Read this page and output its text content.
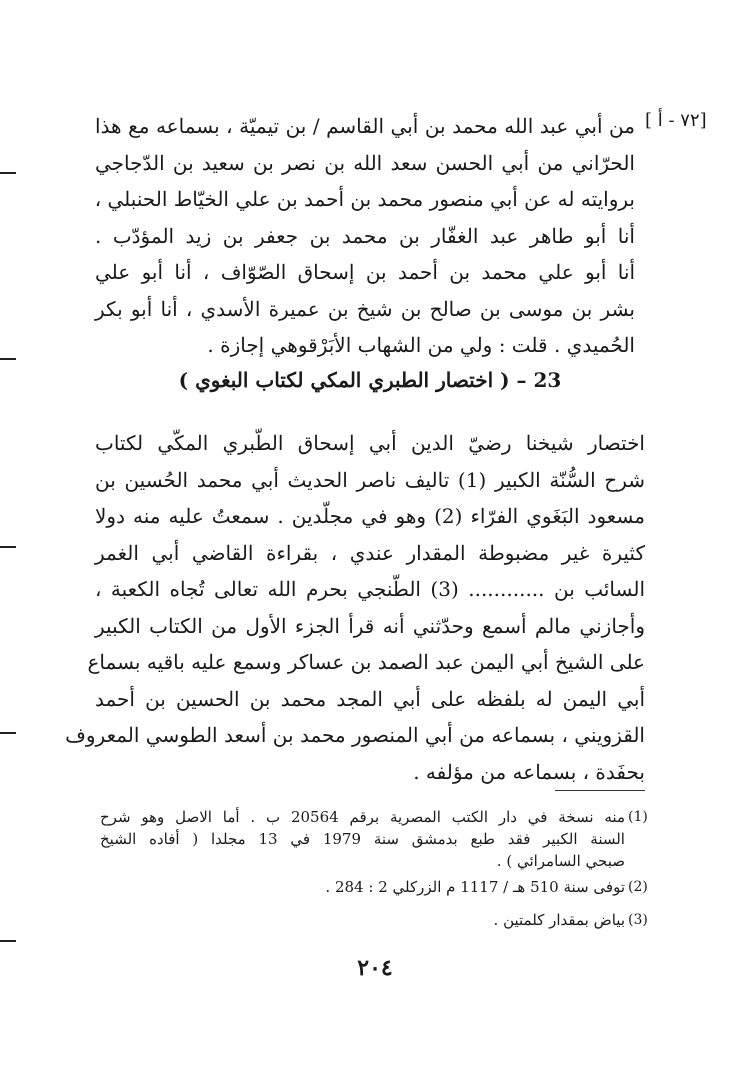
[٧٢ - أ ]
من أبي عبد الله محمد بن أبي القاسم / بن تيميّة ، بسماعه مع هذا
الحرّاني من أبي الحسن سعد الله بن نصر بن سعيد بن الدّجاجي
بروايته له عن أبي منصور محمد بن أحمد بن علي الخيّاط الحنبلي ،
أنا أبو طاهر عبد الغفّار بن محمد بن جعفر بن زيد المؤدّب .
أنا أبو علي محمد بن أحمد بن إسحاق الصّوّاف ، أنا أبو علي
بشر بن موسى بن صالح بن شيخ بن عميرة الأسدي ، أنا أبو بكر
الحُميدي . قلت : ولي من الشهاب الأبَرْقوهي إجازة .
23 – ( اختصار الطبري المكي لكتاب البغوي )
اختصار شيخنا رضيّ الدين أبي إسحاق الطّبري المكّي لكتاب
شرح السُّنّة الكبير (1) تاليف ناصر الحديث أبي محمد الحُسين بن
مسعود البَغَوي الفرّاء (2) وهو في مجلّدين . سمعتُ عليه منه دولا
كثيرة غير مضبوطة المقدار عندي ، بقراءة القاضي أبي الغمر
السائب بن ............ (3) الطّنجي بحرم الله تعالى تُجاه الكعبة ،
وأجازني مالم أسمع وحدّثني أنه قرأ الجزء الأول من الكتاب الكبير
على الشيخ أبي اليمن عبد الصمد بن عساكر وسمع عليه باقيه بسماع
أبي اليمن له بلفظه على أبي المجد محمد بن الحسين بن أحمد
القزويني ، بسماعه من أبي المنصور محمد بن أسعد الطوسي المعروف
بحفَدة ، بسماعه من مؤلفه .
(1)
منه نسخة في دار الكتب المصرية برقم 20564 ب . أما الاصل وهو شرح
السنة الكبير فقد طبع بدمشق سنة 1979 في 13 مجلدا ( أفاده الشيخ
صبحي السامرائي ) .
(2)
توفى سنة 510 هـ / 1117 م الزركلي 2 : 284 .
(3)
بياض بمقدار كلمتين .
٢٠٤
